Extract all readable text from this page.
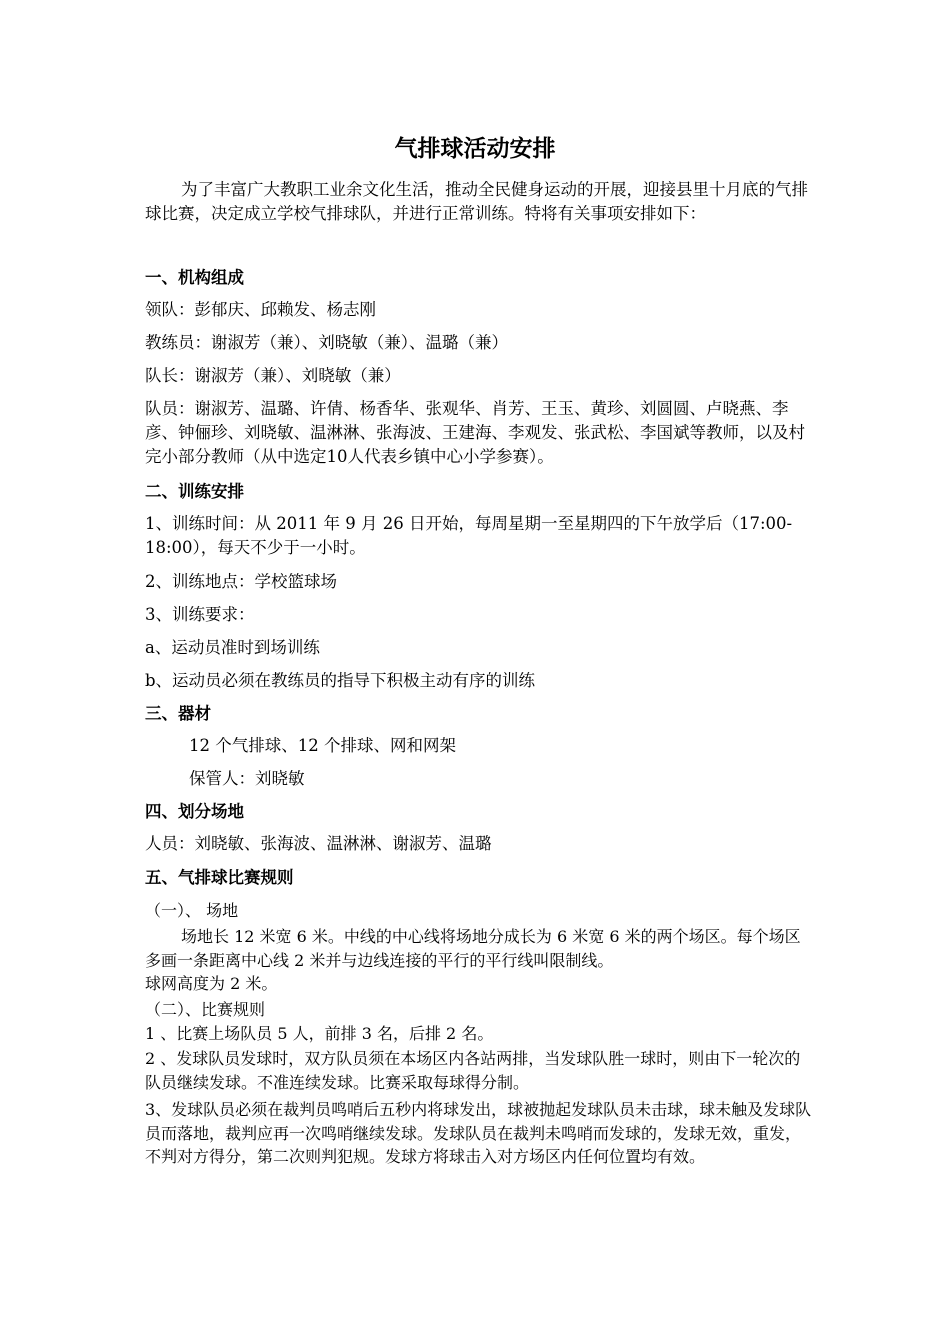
气排球活动安排

为了丰富广大教职工业余文化生活，推动全民健身运动的开展，迎接县里十月底的气排球比赛，决定成立学校气排球队，并进行正常训练。特将有关事项安排如下：

一、机构组成

领队：彭郁庆、邱赖发、杨志刚

教练员：谢淑芳（兼）、刘晓敏（兼）、温璐（兼）

队长：谢淑芳（兼）、刘晓敏（兼）

队员：谢淑芳、温璐、许倩、杨香华、张观华、肖芳、王玉、黄珍、刘圆圆、卢晓燕、李彦、钟俪珍、刘晓敏、温淋淋、张海波、王建海、李观发、张武松、李国斌等教师，以及村完小部分教师（从中选定10人代表乡镇中心小学参赛）。

二、训练安排

1、训练时间：从 2011 年 9 月 26 日开始，每周星期一至星期四的下午放学后（17:00-18:00），每天不少于一小时。

2、训练地点：学校篮球场

3、训练要求：

a、运动员准时到场训练

b、运动员必须在教练员的指导下积极主动有序的训练

三、器材

12 个气排球、12 个排球、网和网架

保管人：刘晓敏

四、划分场地

人员：刘晓敏、张海波、温淋淋、谢淑芳、温璐

五、气排球比赛规则

（一）、 场地

场地长 12 米宽 6 米。中线的中心线将场地分成长为 6 米宽 6 米的两个场区。每个场区多画一条距离中心线 2 米并与边线连接的平行的平行线叫限制线。

球网高度为 2 米。

（二）、比赛规则

1 、比赛上场队员 5 人，前排 3 名，后排 2 名。

2 、发球队员发球时，双方队员须在本场区内各站两排，当发球队胜一球时，则由下一轮次的队员继续发球。不准连续发球。比赛采取每球得分制。

3、发球队员必须在裁判员鸣哨后五秒内将球发出，球被抛起发球队员未击球，球未触及发球队员而落地，裁判应再一次鸣哨继续发球。发球队员在裁判未鸣哨而发球的，发球无效，重发，不判对方得分，第二次则判犯规。发球方将球击入对方场区内任何位置均有效。
